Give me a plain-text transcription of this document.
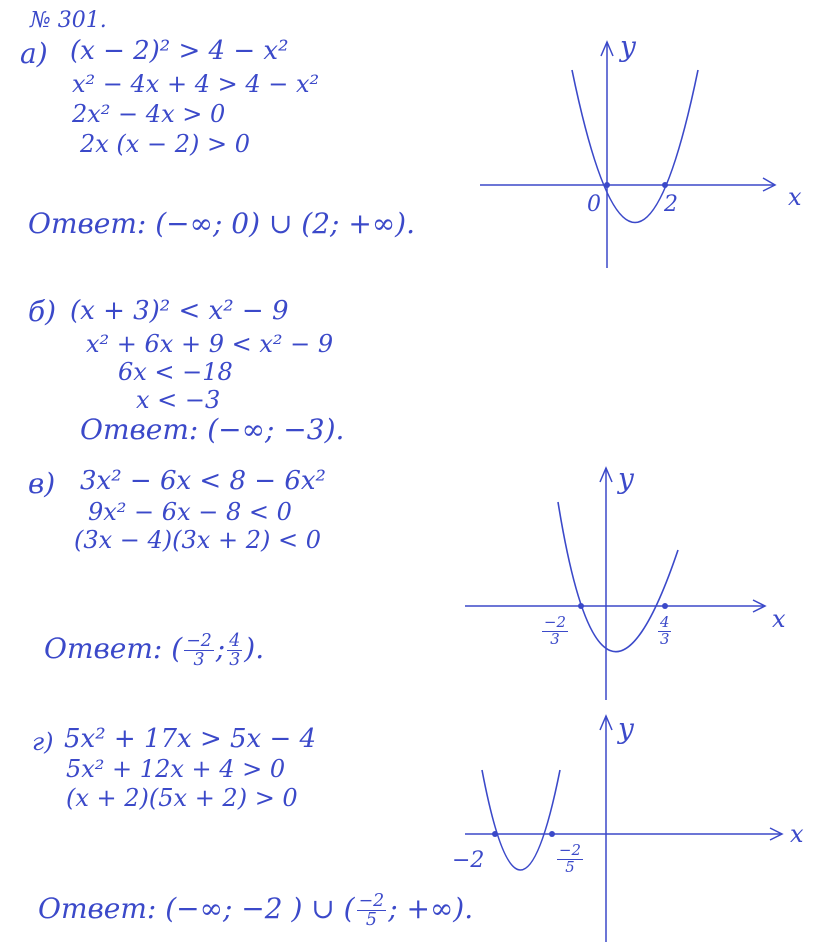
№ 301.
а) (x − 2)² > 4 − x²
x² − 4x + 4 > 4 − x²
2x² − 4x > 0
2x (x − 2) > 0
Ответ: (−∞; 0) ∪ (2; +∞).
y
x
0	2
б) (x + 3)² < x² − 9
x² + 6x + 9 < x² − 9
6x < −18
x < −3
Ответ: (−∞; −3).
в) 3x² − 6x < 8 − 6x²
9x² − 6x − 8 < 0
(3x − 4)(3x + 2) < 0
Ответ: ( $\frac{-2}{3}$ ; $\frac{4}{3}$ ).
y
x
$\frac{-2}{3}$	$\frac{4}{3}$
г) 5x² + 17x > 5x − 4
5x² + 12x + 4 > 0
(x + 2)(5x + 2) > 0
Ответ: (−∞; −2 ) ∪ ( $\frac{-2}{5}$ ; +∞).
y
x
−2	$\frac{-2}{5}$
